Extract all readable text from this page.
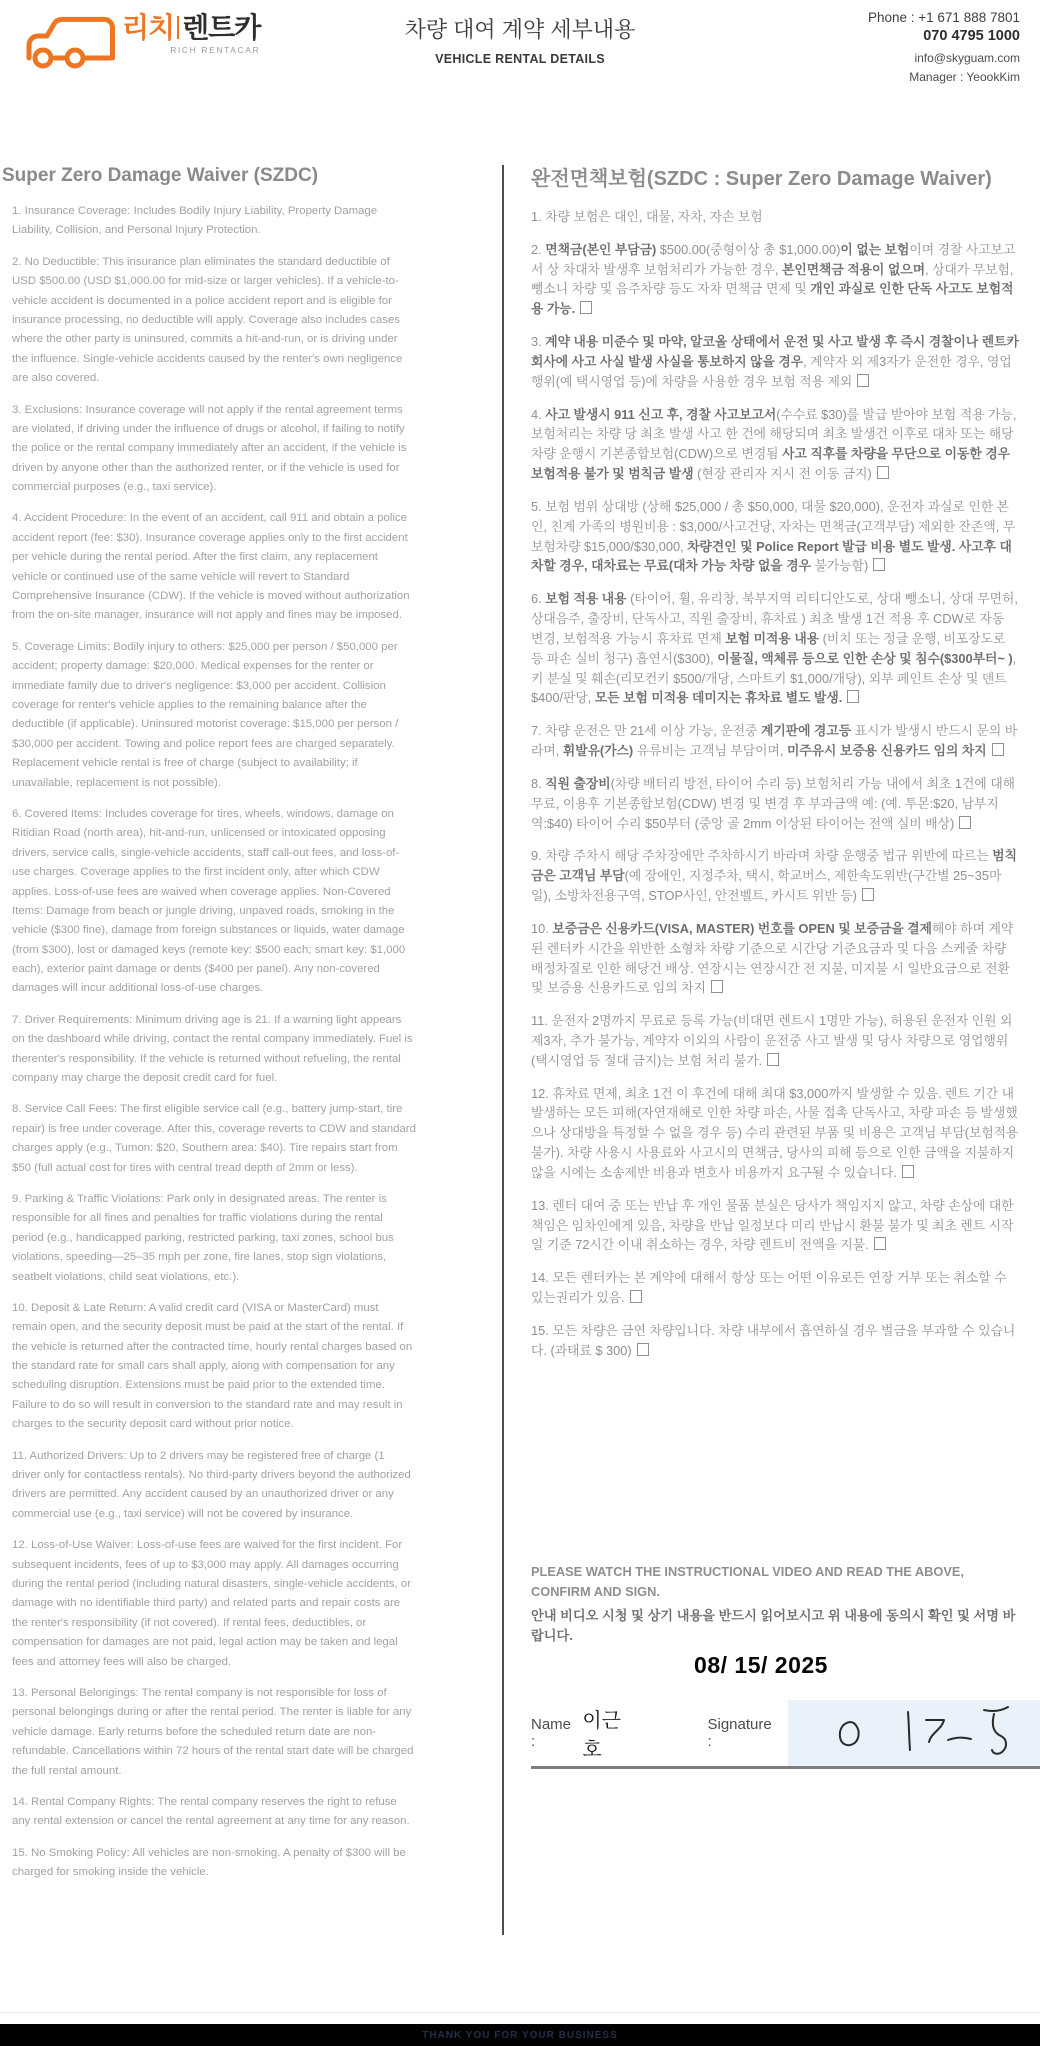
리치 렌트카
RICH RENTACAR
차량 대여 계약 세부내용
VEHICLE RENTAL DETAILS
Phone : +1 671 888 7801
070 4795 1000
info@skyguam.com
Manager : YeookKim
Super Zero Damage Waiver (SZDC)

1. Insurance Coverage: Includes Bodily Injury Liability, Property Damage Liability, Collision, and Personal Injury Protection.

2. No Deductible: This insurance plan eliminates the standard deductible of USD $500.00 (USD $1,000.00 for mid-size or larger vehicles). If a vehicle-to-vehicle accident is documented in a police accident report and is eligible for insurance processing, no deductible will apply. Coverage also includes cases where the other party is uninsured, commits a hit-and-run, or is driving under the influence. Single-vehicle accidents caused by the renter's own negligence are also covered.

3. Exclusions: Insurance coverage will not apply if the rental agreement terms are violated, if driving under the influence of drugs or alcohol, if failing to notify the police or the rental company immediately after an accident, if the vehicle is driven by anyone other than the authorized renter, or if the vehicle is used for commercial purposes (e.g., taxi service).

4. Accident Procedure: In the event of an accident, call 911 and obtain a police accident report (fee: $30). Insurance coverage applies only to the first accident per vehicle during the rental period. After the first claim, any replacement vehicle or continued use of the same vehicle will revert to Standard Comprehensive Insurance (CDW). If the vehicle is moved without authorization from the on-site manager, insurance will not apply and fines may be imposed.

5. Coverage Limits: Bodily injury to others: $25,000 per person / $50,000 per accident; property damage: $20,000. Medical expenses for the renter or immediate family due to driver's negligence: $3,000 per accident. Collision coverage for renter's vehicle applies to the remaining balance after the deductible (if applicable). Uninsured motorist coverage: $15,000 per person / $30,000 per accident. Towing and police report fees are charged separately. Replacement vehicle rental is free of charge (subject to availability; if unavailable, replacement is not possible).

6. Covered Items: Includes coverage for tires, wheels, windows, damage on Ritidian Road (north area), hit-and-run, unlicensed or intoxicated opposing drivers, service calls, single-vehicle accidents, staff call-out fees, and loss-of-use charges. Coverage applies to the first incident only, after which CDW applies. Loss-of-use fees are waived when coverage applies. Non-Covered Items: Damage from beach or jungle driving, unpaved roads, smoking in the vehicle ($300 fine), damage from foreign substances or liquids, water damage (from $300), lost or damaged keys (remote key: $500 each; smart key: $1,000 each), exterior paint damage or dents ($400 per panel). Any non-covered damages will incur additional loss-of-use charges.

7. Driver Requirements: Minimum driving age is 21. If a warning light appears on the dashboard while driving, contact the rental company immediately. Fuel is therenter's responsibility. If the vehicle is returned without refueling, the rental company may charge the deposit credit card for fuel.

8. Service Call Fees: The first eligible service call (e.g., battery jump-start, tire repair) is free under coverage. After this, coverage reverts to CDW and standard charges apply (e.g., Tumon: $20, Southern area: $40). Tire repairs start from $50 (full actual cost for tires with central tread depth of 2mm or less).

9. Parking & Traffic Violations: Park only in designated areas. The renter is responsible for all fines and penalties for traffic violations during the rental period (e.g., handicapped parking, restricted parking, taxi zones, school bus violations, speeding—25–35 mph per zone, fire lanes, stop sign violations, seatbelt violations, child seat violations, etc.).

10. Deposit & Late Return: A valid credit card (VISA or MasterCard) must remain open, and the security deposit must be paid at the start of the rental. If the vehicle is returned after the contracted time, hourly rental charges based on the standard rate for small cars shall apply, along with compensation for any scheduling disruption. Extensions must be paid prior to the extended time. Failure to do so will result in conversion to the standard rate and may result in charges to the security deposit card without prior notice.

11. Authorized Drivers: Up to 2 drivers may be registered free of charge (1 driver only for contactless rentals). No third-party drivers beyond the authorized drivers are permitted. Any accident caused by an unauthorized driver or any commercial use (e.g., taxi service) will not be covered by insurance.

12. Loss-of-Use Waiver: Loss-of-use fees are waived for the first incident. For subsequent incidents, fees of up to $3,000 may apply. All damages occurring during the rental period (including natural disasters, single-vehicle accidents, or damage with no identifiable third party) and related parts and repair costs are the renter's responsibility (if not covered). If rental fees, deductibles, or compensation for damages are not paid, legal action may be taken and legal fees and attorney fees will also be charged.

13. Personal Belongings: The rental company is not responsible for loss of personal belongings during or after the rental period. The renter is liable for any vehicle damage. Early returns before the scheduled return date are non-refundable. Cancellations within 72 hours of the rental start date will be charged the full rental amount.

14. Rental Company Rights: The rental company reserves the right to refuse any rental extension or cancel the rental agreement at any time for any reason.

15. No Smoking Policy: All vehicles are non-smoking. A penalty of $300 will be charged for smoking inside the vehicle.

완전면책보험(SZDC : Super Zero Damage Waiver)

1. 차량 보험은 대인, 대물, 자차, 자손 보험

2. 면책금(본인 부담금) $500.00(중형이상 총 $1,000.00)이 없는 보험이며 경찰 사고보고서 상 차대차 발생후 보험처리가 가능한 경우, 본인면책금 적용이 없으며, 상대가 무보험, 뺑소니 차량 및 음주차량 등도 자차 면책금 면제 및 개인 과실로 인한 단독 사고도 보험적용 가능.

3. 계약 내용 미준수 및 마약, 알코올 상태에서 운전 및 사고 발생 후 즉시 경찰이나 렌트카 회사에 사고 사실 발생 사실을 통보하지 않을 경우, 계약자 외 제3자가 운전한 경우, 영업행위(예 택시영업 등)에 차량을 사용한 경우 보험 적용 제외

4. 사고 발생시 911 신고 후, 경찰 사고보고서(수수료 $30)를 발급 받아야 보험 적용 가능, 보험처리는 차량 당 최초 발생 사고 한 건에 해당되며 최초 발생건 이후로 대차 또는 해당 차량 운행시 기본종합보험(CDW)으로 변경됨 사고 직후를 차량을 무단으로 이동한 경우 보험적용 불가 및 범칙금 발생 (현장 관리자 지시 전 이동 금지)

5. 보험 범위 상대방 (상해 $25,000 / 총 $50,000, 대물 $20,000), 운전자 과실로 인한 본인, 친계 가족의 병원비용 : $3,000/사고건당, 자차는 면책금(고객부담) 제외한 잔존액, 무보험차량 $15,000/$30,000, 차량견인 및 Police Report 발급 비용 별도 발생. 사고후 대차할 경우, 대차료는 무료(대차 가능 차량 없을 경우 불가능함)

6. 보험 적용 내용 (타이어, 휠, 유리창, 북부지역 리티디안도로, 상대 뺑소니, 상대 무면허, 상대음주, 출장비, 단독사고, 직원 출장비, 휴차료 ) 최초 발생 1건 적용 후 CDW로 자동 변경, 보험적용 가능시 휴차료 면제 보험 미적용 내용 (비치 또는 정글 운행, 비포장도로 등 파손 실비 청구) 흡연시($300), 이물질, 액체류 등으로 인한 손상 및 침수($300부터~ ), 키 분실 및 훼손(리모컨키 $500/개당, 스마트키 $1,000/개당), 외부 페인트 손상 및 덴트 $400/판당, 모든 보험 미적용 데미지는 휴차료 별도 발생.

7. 차량 운전은 만 21세 이상 가능, 운전중 계기판에 경고등 표시가 발생시 반드시 문의 바라며, 휘발유(가스) 유류비는 고객님 부담이며, 미주유시 보증용 신용카드 임의 차지

8. 직원 출장비(차량 배터리 방전, 타이어 수리 등) 보험처리 가능 내에서 최초 1건에 대해 무료, 이용후 기본종합보험(CDW) 변경 및 변경 후 부과금액 예: (예. 투몬:$20, 남부지역:$40) 타이어 수리 $50부터 (중앙 골 2mm 이상된 타이어는 전액 실비 배상)

9. 차량 주차시 해당 주차장에만 주차하시기 바라며 차량 운행중 법규 위반에 따르는 범칙금은 고객님 부담(예 장애인, 지정주차, 택시, 학교버스, 제한속도위반(구간별 25~35마일), 소방차전용구역, STOP사인, 안전벨트, 카시트 위반 등)

10. 보증금은 신용카드(VISA, MASTER) 번호를 OPEN 및 보증금을 결제해야 하며 계약된 렌터카 시간을 위반한 소형차 차량 기준으로 시간당 기준요금과 및 다음 스케줄 차량 배정차질로 인한 해당건 배상. 연장시는 연장시간 전 지불, 미지불 시 일반요금으로 전환 및 보증용 신용카드로 임의 차지

11. 운전자 2명까지 무료로 등록 가능(비대면 렌트시 1명만 가능), 허용된 운전자 인원 외 제3자, 추가 불가능, 계약자 이외의 사람이 운전중 사고 발생 및 당사 차량으로 영업행위(택시영업 등 절대 금지)는 보험 처리 불가.

12. 휴차료 면제, 최초 1건 이 후건에 대해 최대 $3,000까지 발생할 수 있음. 렌트 기간 내 발생하는 모든 피해(자연재해로 인한 차량 파손, 사물 접촉 단독사고, 차량 파손 등 발생했으나 상대방을 특정할 수 없을 경우 등) 수리 관련된 부품 및 비용은 고객님 부담(보험적용 불가). 차량 사용시 사용료와 사고시의 면책금, 당사의 피해 등으로 인한 금액을 지불하지 않을 시에는 소송제반 비용과 변호사 비용까지 요구될 수 있습니다.

13. 렌터 대여 중 또는 반납 후 개인 물품 분실은 당사가 책임지지 않고, 차량 손상에 대한 책임은 임차인에게 있음, 차량을 반납 일정보다 미리 반납시 환불 불가 및 최초 렌트 시작일 기준 72시간 이내 취소하는 경우, 차량 렌트비 전액을 지불.

14. 모든 렌터카는 본 계약에 대해서 항상 또는 어떤 이유로든 연장 거부 또는 취소할 수 있는권리가 있음.

15. 모든 차량은 금연 차량입니다. 차량 내부에서 흡연하실 경우 벌금을 부과할 수 있습니다. (과태료 $ 300)

PLEASE WATCH THE INSTRUCTIONAL VIDEO AND READ THE ABOVE, CONFIRM AND SIGN.
안내 비디오 시청 및 상기 내용을 반드시 읽어보시고 위 내용에 동의시 확인 및 서명 바랍니다.
08/ 15/ 2025
Name :
이근호
Signature :
THANK YOU FOR YOUR BUSINESS
